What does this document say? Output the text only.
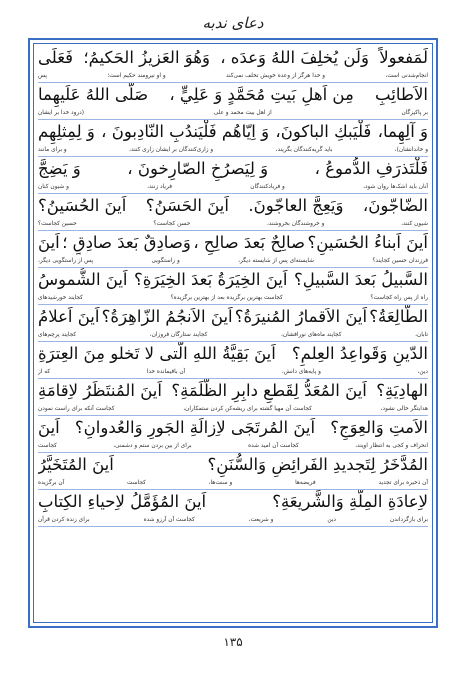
دعای ندبه
لَمَفعولاً
وَلَن يُخلِفَ اللهُ وَعدَه ،
وَهُوَ العَزيزُ الحَكيمُ؛
فَعَلَى
انجام‌شدنی است،
و خدا هرگز از وعده خویش تخلف نمی‌کند
و او نیرومند حکیم است؛
پس
الاَطائِبِ
مِن اَهلِ بَيتِ مُحَمَّدٍ وَ عَلِيٍّ ،
صَلَّى اللهُ عَلَيهِما
بر پاکیزگان
از اهل بیت محمد و علی
(درود خدا بر ایشان
وَ آلِهِما،
فَلْيَبكِ الباكونَ،
وَ اِيّاهُم فَلْيَندُبِ النّادِبونَ ،
وَ لِمِثلِهِم
و خاندانشان)،
باید گریه‌کنندگان بگریند،
و زاری‌کنندگان بر ایشان زاری کنند،
و برای مانند
فَلْتَذرَفِ الدُّموعُ ،
وَ لِيَصرُخِ الصّارِخونَ ،
وَ يَضِجَّ
آنان باید اشک‌ها روان شود،
و فریادکنندگان
فریاد زنند،
و شیون کنان
الضّاجّونَ،
وَيَعِجَّ العاجّونَ.
اَينَ الحَسَنُ؟
اَينَ الحُسَينُ؟
شیون کنند،
و خروشندگان بخروشند،
حسن کجاست؟
حسین کجاست؟
اَينَ اَبناءُ الحُسَينِ؟
صالِحٌ بَعدَ صالِحٍ ،
وَصادِقٌ بَعدَ صادِقٍ ؛
اَينَ
فرزندان حسین کجایند؟
شایسته‌ای پس از شایسته دیگر،
و راستگویی
پس از راستگویی دیگر،
السَّبيلُ بَعدَ السَّبيلِ؟
اَينَ الخِيَرَةُ بَعدَ الخِيَرَةِ؟
اَينَ الشُّموسُ
راه از پس راه کجاست؟
کجاست بهترین برگزیده بعد از بهترین برگزیده؟
کجایند خورشیدهای
الطّالِعَةُ؟
اَينَ الاَقمارُ المُنيرَةُ؟
اَينَ الاَنجُمُ الزّاهِرَةُ؟
اَينَ اَعلامُ
تابان،
کجایند ماه‌های نورافشان،
کجایند ستارگان فروزان،
کجایند پرچم‌های
الدّينِ وَقَواعِدُ العِلمِ؟
اَينَ بَقِيَّةُ اللهِ الَّتى لا تَخلو مِنَ العِترَةِ
دین،
و پایه‌های دانش،
آن باقیمانده خدا
که از
الهادِيَةِ؟
اَينَ المُعَدُّ لِقَطعِ دابِرِ الظَّلَمَةِ؟
اَينَ المُنتَظَرُ لاِقامَةِ
هدایتگر خالی نشود،
کجاست آن مهیا گشته برای ریشه‌کن کردن ستمکاران،
کجاست آنکه برای راست نمودن
الاَمتِ وَالعِوَجِ؟
اَينَ المُرتَجَى لاِزالَةِ الجَورِ وَالعُدوانِ؟
اَينَ
انحراف و کجی به انتظار اویند،
کجاست آن امید شده
برای از بین بردن ستم و دشمنی،
کجاست
المُدَّخَرُ لِتَجديدِ الفَرائِضِ وَالسُّنَنِ؟
اَينَ المُتَخَيَّرُ
آن ذخیره برای تجدید
فریضه‌ها
و سنت‌ها،
کجاست
آن برگزیده
لاِعادَةِ المِلَّةِ وَالشَّريعَةِ؟
اَينَ المُؤَمَّلُ لاِحياءِ الكِتابِ
برای بازگرداندن
دین
و شریعت،
کجاست آن آرزو شده
برای زنده کردن قرآن
۱۳۵
